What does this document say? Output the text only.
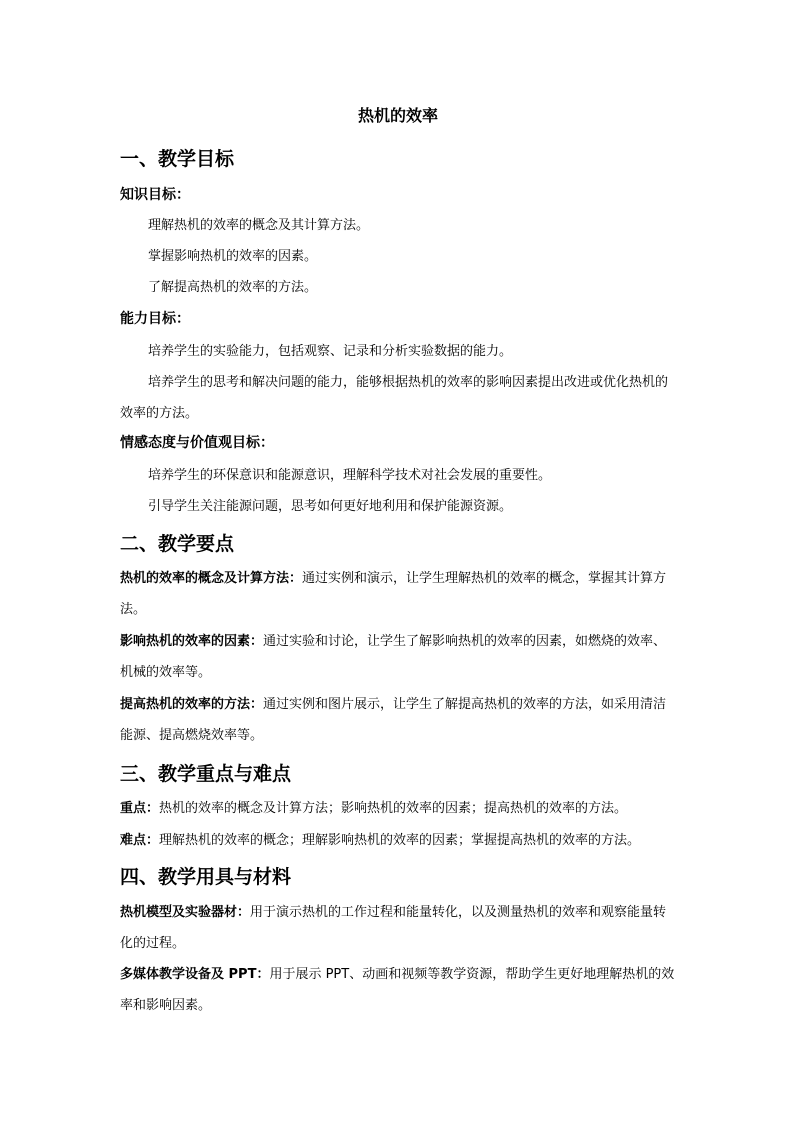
热机的效率
一、教学目标
知识目标：
理解热机的效率的概念及其计算方法。
掌握影响热机的效率的因素。
了解提高热机的效率的方法。
能力目标：
培养学生的实验能力，包括观察、记录和分析实验数据的能力。
培养学生的思考和解决问题的能力，能够根据热机的效率的影响因素提出改进或优化热机的效率的方法。
情感态度与价值观目标：
培养学生的环保意识和能源意识，理解科学技术对社会发展的重要性。
引导学生关注能源问题，思考如何更好地利用和保护能源资源。
二、教学要点
热机的效率的概念及计算方法：通过实例和演示，让学生理解热机的效率的概念，掌握其计算方法。
影响热机的效率的因素：通过实验和讨论，让学生了解影响热机的效率的因素，如燃烧的效率、机械的效率等。
提高热机的效率的方法：通过实例和图片展示，让学生了解提高热机的效率的方法，如采用清洁能源、提高燃烧效率等。
三、教学重点与难点
重点：热机的效率的概念及计算方法；影响热机的效率的因素；提高热机的效率的方法。
难点：理解热机的效率的概念；理解影响热机的效率的因素；掌握提高热机的效率的方法。
四、教学用具与材料
热机模型及实验器材：用于演示热机的工作过程和能量转化，以及测量热机的效率和观察能量转化的过程。
多媒体教学设备及 PPT：用于展示 PPT、动画和视频等教学资源，帮助学生更好地理解热机的效率和影响因素。
